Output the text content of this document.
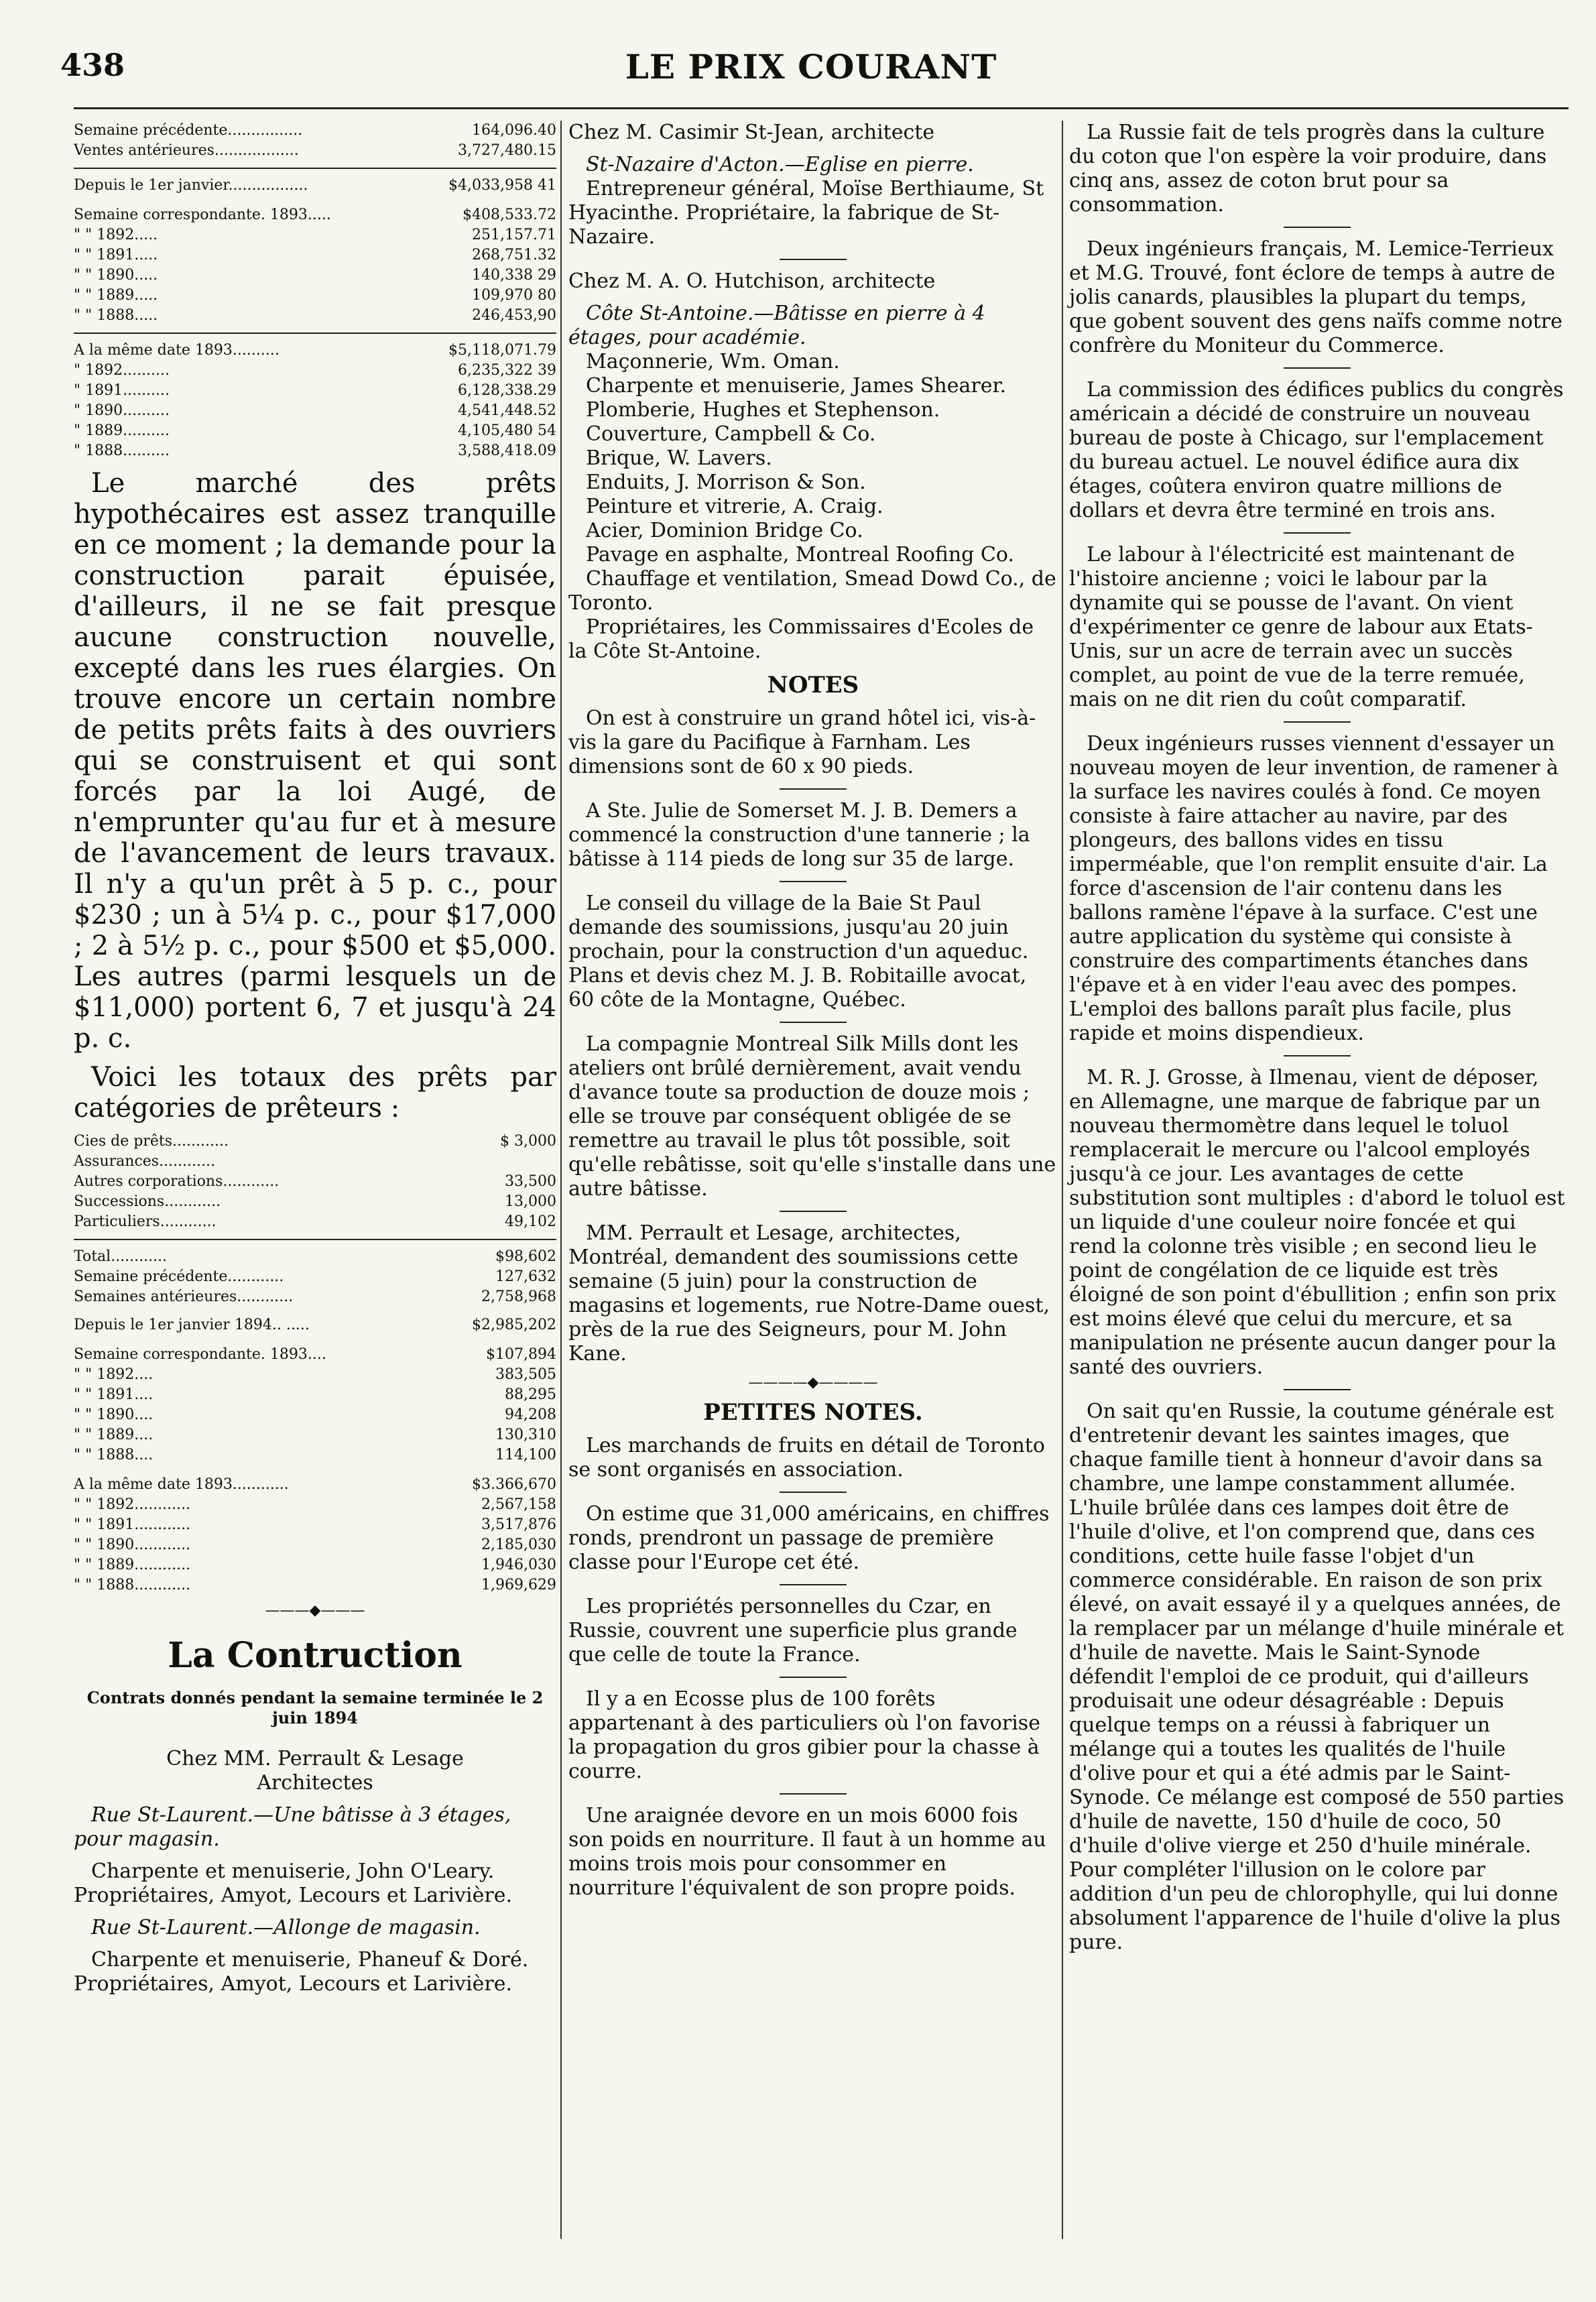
438	LE PRIX COURANT
Semaine précédente................	164,096.40
Ventes antérieures..................	3,727,480.15
Depuis le 1er janvier.................	$4,033,958 41
Semaine correspondante. 1893.....	$408,533.72
" " 1892.....	251,157.71
" " 1891.....	268,751.32
" " 1890.....	140,338 29
" " 1889.....	109,970 80
" " 1888.....	246,453,90
A la même date 1893..........	$5,118,071.79
" 1892..........	6,235,322 39
" 1891..........	6,128,338.29
" 1890..........	4,541,448.52
" 1889..........	4,105,480 54
" 1888..........	3,588,418.09

Le marché des prêts hypothécaires est assez tranquille en ce moment ; la demande pour la construction parait épuisée, d'ailleurs, il ne se fait presque aucune construction nouvelle, excepté dans les rues élargies. On trouve encore un certain nombre de petits prêts faits à des ouvriers qui se construisent et qui sont forcés par la loi Augé, de n'emprunter qu'au fur et à mesure de l'avancement de leurs travaux. Il n'y a qu'un prêt à 5 p. c., pour $230 ; un à 5¼ p. c., pour $17,000 ; 2 à 5½ p. c., pour $500 et $5,000. Les autres (parmi lesquels un de $11,000) portent 6, 7 et jusqu'à 24 p. c.

Voici les totaux des prêts par catégories de prêteurs :

Cies de prêts............	$ 3,000
Assurances............	
Autres corporations............	33,500
Successions............	13,000
Particuliers............	49,102
Total............	$98,602
Semaine précédente............	127,632
Semaines antérieures............	2,758,968
Depuis le 1er janvier 1894.. .....	$2,985,202
Semaine correspondante. 1893....	$107,894
" " 1892....	383,505
" " 1891....	88,295
" " 1890....	94,208
" " 1889....	130,310
" " 1888....	114,100
A la même date 1893............	$3.366,670
" " 1892............	2,567,158
" " 1891............	3,517,876
" " 1890............	2,185,030
" " 1889............	1,946,030
" " 1888............	1,969,629
———◆———
La Contruction

Contrats donnés pendant la semaine terminée le 2 juin 1894

Chez MM. Perrault & Lesage

Architectes

Rue St-Laurent.—Une bâtisse à 3 étages, pour magasin.

Charpente et menuiserie, John O'Leary. Propriétaires, Amyot, Lecours et Larivière.

Rue St-Laurent.—Allonge de magasin.

Charpente et menuiserie, Phaneuf & Doré. Propriétaires, Amyot, Lecours et Larivière.

Chez M. Casimir St-Jean, architecte

St-Nazaire d'Acton.—Eglise en pierre.

Entrepreneur général, Moïse Berthiaume, St Hyacinthe. Propriétaire, la fabrique de St-Nazaire.

Chez M. A. O. Hutchison, architecte

Côte St-Antoine.—Bâtisse en pierre à 4 étages, pour académie.

Maçonnerie, Wm. Oman.

Charpente et menuiserie, James Shearer.

Plomberie, Hughes et Stephenson.

Couverture, Campbell & Co.

Brique, W. Lavers.

Enduits, J. Morrison & Son.

Peinture et vitrerie, A. Craig.

Acier, Dominion Bridge Co.

Pavage en asphalte, Montreal Roofing Co.

Chauffage et ventilation, Smead Dowd Co., de Toronto.

Propriétaires, les Commissaires d'Ecoles de la Côte St-Antoine.

NOTES

On est à construire un grand hôtel ici, vis-à-vis la gare du Pacifique à Farnham. Les dimensions sont de 60 x 90 pieds.

A Ste. Julie de Somerset M. J. B. Demers a commencé la construction d'une tannerie ; la bâtisse à 114 pieds de long sur 35 de large.

Le conseil du village de la Baie St Paul demande des soumissions, jusqu'au 20 juin prochain, pour la construction d'un aqueduc. Plans et devis chez M. J. B. Robitaille avocat, 60 côte de la Montagne, Québec.

La compagnie Montreal Silk Mills dont les ateliers ont brûlé dernièrement, avait vendu d'avance toute sa production de douze mois ; elle se trouve par conséquent obligée de se remettre au travail le plus tôt possible, soit qu'elle rebâtisse, soit qu'elle s'installe dans une autre bâtisse.

MM. Perrault et Lesage, architectes, Montréal, demandent des soumissions cette semaine (5 juin) pour la construction de magasins et logements, rue Notre-Dame ouest, près de la rue des Seigneurs, pour M. John Kane.

————◆————
PETITES NOTES.

Les marchands de fruits en détail de Toronto se sont organisés en association.

On estime que 31,000 américains, en chiffres ronds, prendront un passage de première classe pour l'Europe cet été.

Les propriétés personnelles du Czar, en Russie, couvrent une superficie plus grande que celle de toute la France.

Il y a en Ecosse plus de 100 forêts appartenant à des particuliers où l'on favorise la propagation du gros gibier pour la chasse à courre.

Une araignée devore en un mois 6000 fois son poids en nourriture. Il faut à un homme au moins trois mois pour consommer en nourriture l'équivalent de son propre poids.

La Russie fait de tels progrès dans la culture du coton que l'on espère la voir produire, dans cinq ans, assez de coton brut pour sa consommation.

Deux ingénieurs français, M. Lemice-Terrieux et M.G. Trouvé, font éclore de temps à autre de jolis canards, plausibles la plupart du temps, que gobent souvent des gens naïfs comme notre confrère du Moniteur du Commerce.

La commission des édifices publics du congrès américain a décidé de construire un nouveau bureau de poste à Chicago, sur l'emplacement du bureau actuel. Le nouvel édifice aura dix étages, coûtera environ quatre millions de dollars et devra être terminé en trois ans.

Le labour à l'électricité est maintenant de l'histoire ancienne ; voici le labour par la dynamite qui se pousse de l'avant. On vient d'expérimenter ce genre de labour aux Etats-Unis, sur un acre de terrain avec un succès complet, au point de vue de la terre remuée, mais on ne dit rien du coût comparatif.

Deux ingénieurs russes viennent d'essayer un nouveau moyen de leur invention, de ramener à la surface les navires coulés à fond. Ce moyen consiste à faire attacher au navire, par des plongeurs, des ballons vides en tissu imperméable, que l'on remplit ensuite d'air. La force d'ascension de l'air contenu dans les ballons ramène l'épave à la surface. C'est une autre application du système qui consiste à construire des compartiments étanches dans l'épave et à en vider l'eau avec des pompes. L'emploi des ballons paraît plus facile, plus rapide et moins dispendieux.

M. R. J. Grosse, à Ilmenau, vient de déposer, en Allemagne, une marque de fabrique par un nouveau thermomètre dans lequel le toluol remplacerait le mercure ou l'alcool employés jusqu'à ce jour. Les avantages de cette substitution sont multiples : d'abord le toluol est un liquide d'une couleur noire foncée et qui rend la colonne très visible ; en second lieu le point de congélation de ce liquide est très éloigné de son point d'ébullition ; enfin son prix est moins élevé que celui du mercure, et sa manipulation ne présente aucun danger pour la santé des ouvriers.

On sait qu'en Russie, la coutume générale est d'entretenir devant les saintes images, que chaque famille tient à honneur d'avoir dans sa chambre, une lampe constamment allumée. L'huile brûlée dans ces lampes doit être de l'huile d'olive, et l'on comprend que, dans ces conditions, cette huile fasse l'objet d'un commerce considérable. En raison de son prix élevé, on avait essayé il y a quelques années, de la remplacer par un mélange d'huile minérale et d'huile de navette. Mais le Saint-Synode défendit l'emploi de ce produit, qui d'ailleurs produisait une odeur désagréable : Depuis quelque temps on a réussi à fabriquer un mélange qui a toutes les qualités de l'huile d'olive pour et qui a été admis par le Saint-Synode. Ce mélange est composé de 550 parties d'huile de navette, 150 d'huile de coco, 50 d'huile d'olive vierge et 250 d'huile minérale. Pour compléter l'illusion on le colore par addition d'un peu de chlorophylle, qui lui donne absolument l'apparence de l'huile d'olive la plus pure.
